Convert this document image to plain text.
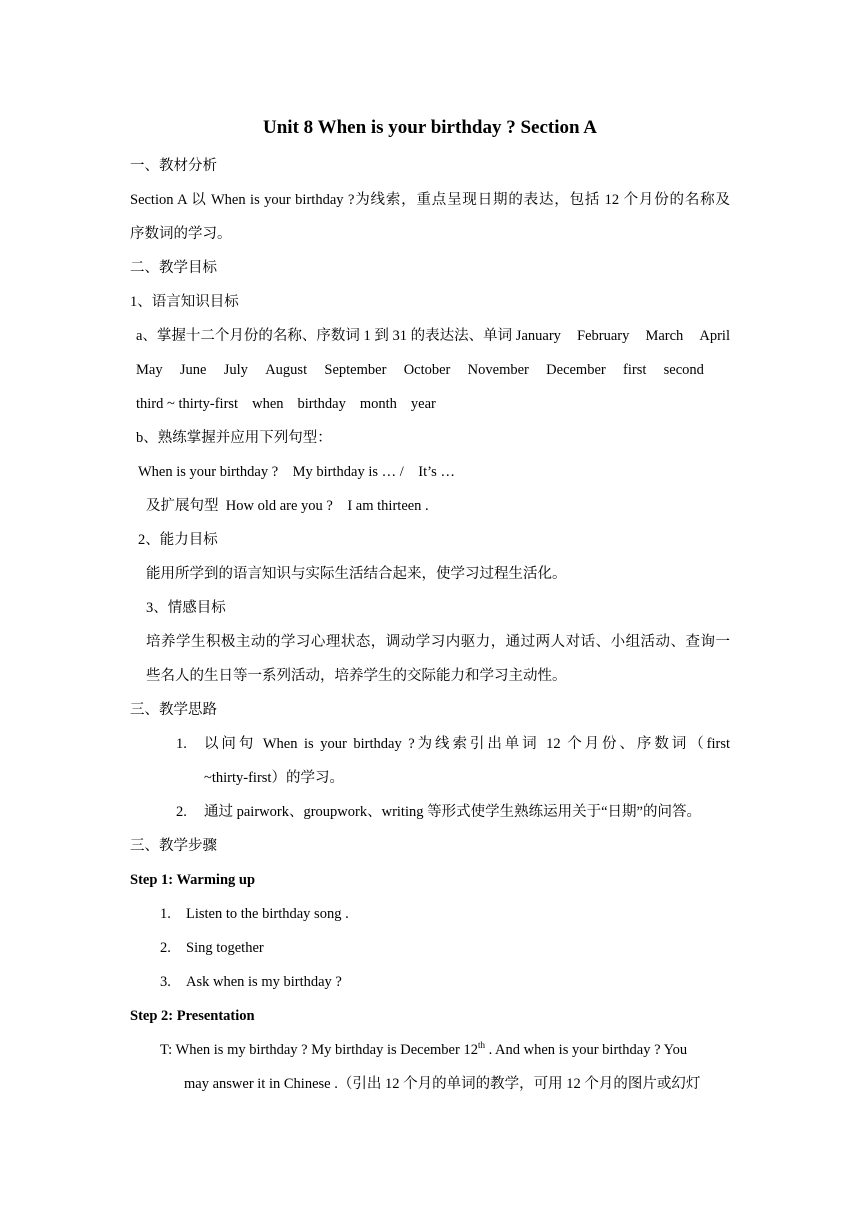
Unit 8 When is your birthday ? Section A
一、教材分析
Section A 以 When is your birthday ?为线索，重点呈现日期的表达，包括 12 个月份的名称及
序数词的学习。
二、教学目标
1、语言知识目标
a、掌握十二个月份的名称、序数词 1 到 31 的表达法、单词 January February March April
May June July August September October November December first second
third ~ thirty-first when birthday month year
b、熟练掌握并应用下列句型：
When is your birthday ?    My birthday is … /    It’s …
及扩展句型  How old are you ?    I am thirteen .
2、能力目标
能用所学到的语言知识与实际生活结合起来，使学习过程生活化。
3、情感目标
培养学生积极主动的学习心理状态，调动学习内驱力，通过两人对话、小组活动、查询一
些名人的生日等一系列活动，培养学生的交际能力和学习主动性。
三、教学思路
1. 以问句 When is your birthday ?为线索引出单词 12 个月份、序数词（first
~thirty-first）的学习。
2. 通过 pairwork、groupwork、writing 等形式使学生熟练运用关于“日期”的问答。
三、教学步骤
Step 1: Warming up
1. Listen to the birthday song .
2. Sing together
3. Ask when is my birthday ?
Step 2: Presentation
T: When is my birthday ? My birthday is December 12th . And when is your birthday ? You
may answer it in Chinese .（引出 12 个月的单词的教学，可用 12 个月的图片或幻灯
